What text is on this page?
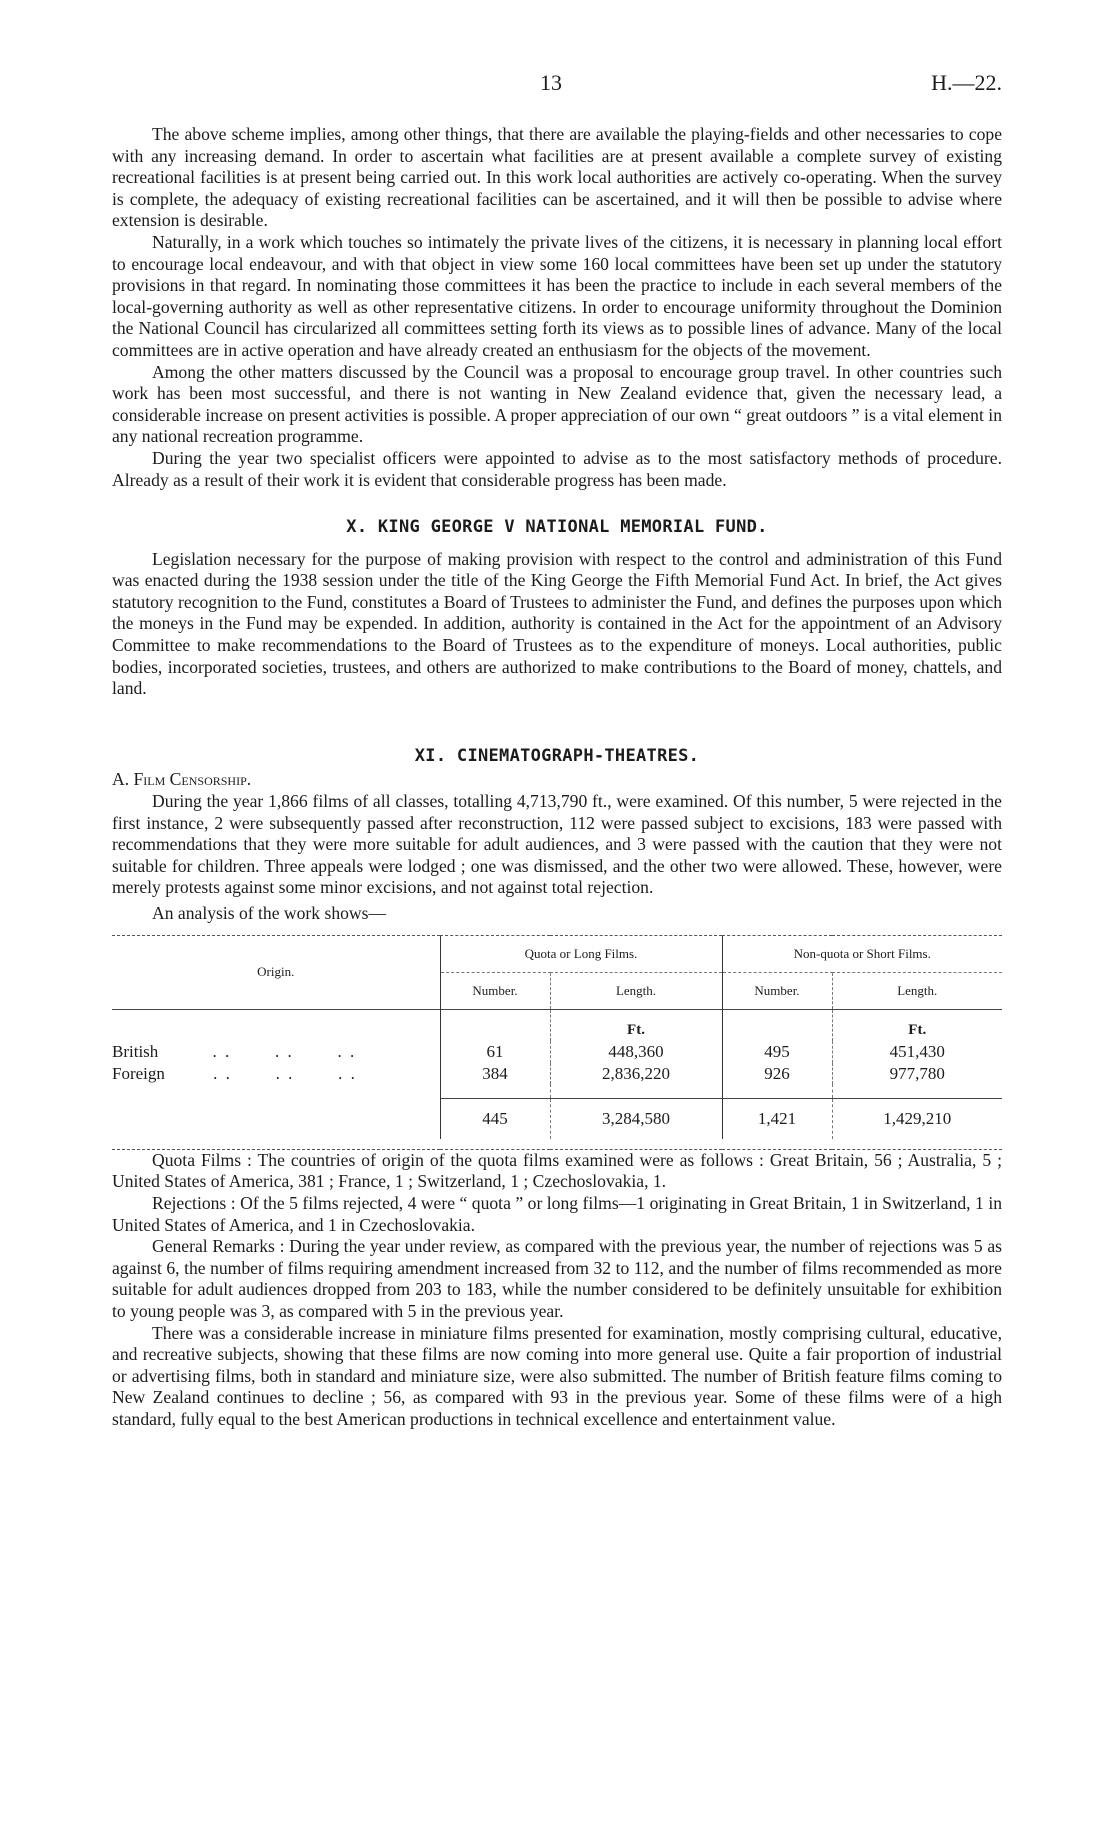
13	H.—22.

The above scheme implies, among other things, that there are available the playing-fields and other necessaries to cope with any increasing demand. In order to ascertain what facilities are at present available a complete survey of existing recreational facilities is at present being carried out. In this work local authorities are actively co-operating. When the survey is complete, the adequacy of existing recreational facilities can be ascertained, and it will then be possible to advise where extension is desirable.

Naturally, in a work which touches so intimately the private lives of the citizens, it is necessary in planning local effort to encourage local endeavour, and with that object in view some 160 local committees have been set up under the statutory provisions in that regard. In nominating those committees it has been the practice to include in each several members of the local-governing authority as well as other representative citizens. In order to encourage uniformity throughout the Dominion the National Council has circularized all committees setting forth its views as to possible lines of advance. Many of the local committees are in active operation and have already created an enthusiasm for the objects of the movement.

Among the other matters discussed by the Council was a proposal to encourage group travel. In other countries such work has been most successful, and there is not wanting in New Zealand evidence that, given the necessary lead, a considerable increase on present activities is possible. A proper appreciation of our own “ great outdoors ” is a vital element in any national recreation programme.

During the year two specialist officers were appointed to advise as to the most satisfactory methods of procedure. Already as a result of their work it is evident that considerable progress has been made.

X. KING GEORGE V NATIONAL MEMORIAL FUND.

Legislation necessary for the purpose of making provision with respect to the control and administration of this Fund was enacted during the 1938 session under the title of the King George the Fifth Memorial Fund Act. In brief, the Act gives statutory recognition to the Fund, constitutes a Board of Trustees to administer the Fund, and defines the purposes upon which the moneys in the Fund may be expended. In addition, authority is contained in the Act for the appointment of an Advisory Committee to make recommendations to the Board of Trustees as to the expenditure of moneys. Local authorities, public bodies, incorporated societies, trustees, and others are authorized to make contributions to the Board of money, chattels, and land.

XI. CINEMATOGRAPH-THEATRES.

A. Film Censorship.

During the year 1,866 films of all classes, totalling 4,713,790 ft., were examined. Of this number, 5 were rejected in the first instance, 2 were subsequently passed after reconstruction, 112 were passed subject to excisions, 183 were passed with recommendations that they were more suitable for adult audiences, and 3 were passed with the caution that they were not suitable for children. Three appeals were lodged ; one was dismissed, and the other two were allowed. These, however, were merely protests against some minor excisions, and not against total rejection.

An analysis of the work shows—

Origin.	Quota or Long Films.		Non-quota or Short Films.	
	Number.	Length.	Number.	Length.
		Ft.		Ft.
British . .       . .       . .	61	448,360	495	451,430
Foreign . .       . .       . .	384	2,836,220	926	977,780

	445	3,284,580	1,421	1,429,210

Quota Films : The countries of origin of the quota films examined were as follows : Great Britain, 56 ; Australia, 5 ; United States of America, 381 ; France, 1 ; Switzerland, 1 ; Czechoslovakia, 1.

Rejections : Of the 5 films rejected, 4 were “ quota ” or long films—1 originating in Great Britain, 1 in Switzerland, 1 in United States of America, and 1 in Czechoslovakia.

General Remarks : During the year under review, as compared with the previous year, the number of rejections was 5 as against 6, the number of films requiring amendment increased from 32 to 112, and the number of films recommended as more suitable for adult audiences dropped from 203 to 183, while the number considered to be definitely unsuitable for exhibition to young people was 3, as compared with 5 in the previous year.

There was a considerable increase in miniature films presented for examination, mostly comprising cultural, educative, and recreative subjects, showing that these films are now coming into more general use. Quite a fair proportion of industrial or advertising films, both in standard and miniature size, were also submitted. The number of British feature films coming to New Zealand continues to decline ; 56, as compared with 93 in the previous year. Some of these films were of a high standard, fully equal to the best American productions in technical excellence and entertainment value.
